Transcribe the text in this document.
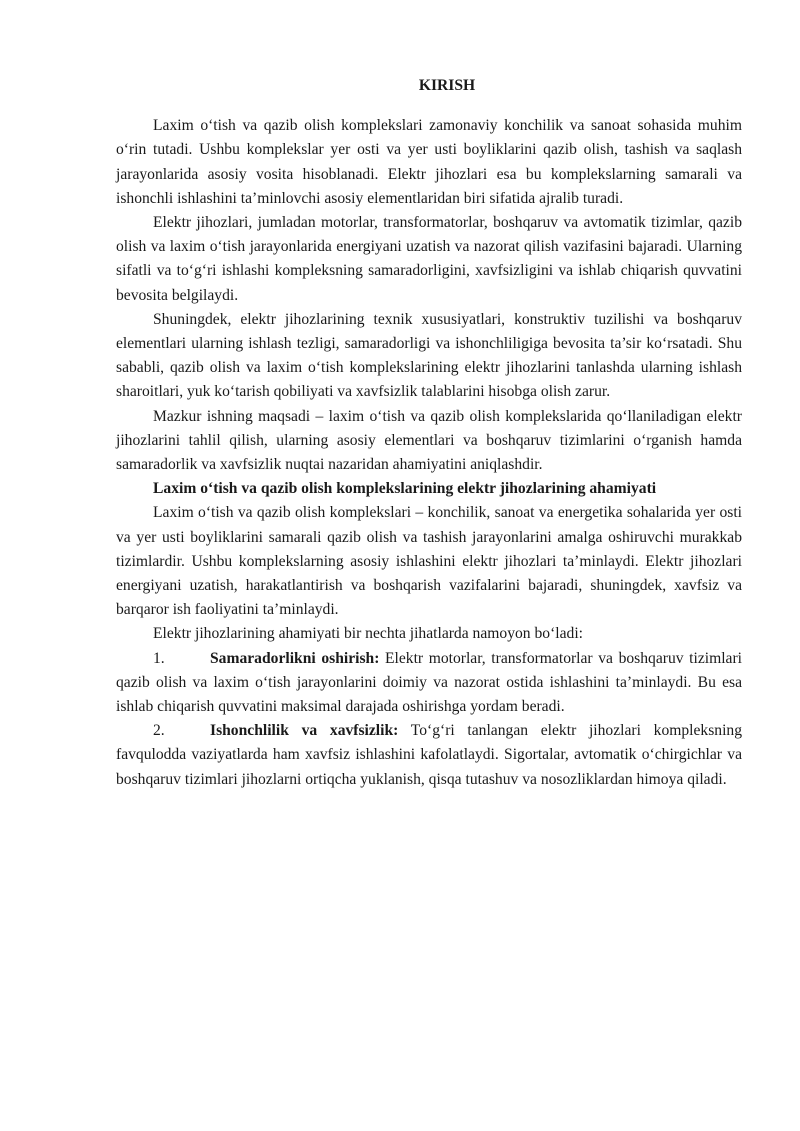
KIRISH

Laxim o‘tish va qazib olish komplekslari zamonaviy konchilik va sanoat sohasida muhim o‘rin tutadi. Ushbu komplekslar yer osti va yer usti boyliklarini qazib olish, tashish va saqlash jarayonlarida asosiy vosita hisoblanadi. Elektr jihozlari esa bu komplekslarning samarali va ishonchli ishlashini ta’minlovchi asosiy elementlaridan biri sifatida ajralib turadi.

Elektr jihozlari, jumladan motorlar, transformatorlar, boshqaruv va avtomatik tizimlar, qazib olish va laxim o‘tish jarayonlarida energiyani uzatish va nazorat qilish vazifasini bajaradi. Ularning sifatli va to‘g‘ri ishlashi kompleksning samaradorligini, xavfsizligini va ishlab chiqarish quvvatini bevosita belgilaydi.

Shuningdek, elektr jihozlarining texnik xususiyatlari, konstruktiv tuzilishi va boshqaruv elementlari ularning ishlash tezligi, samaradorligi va ishonchliligiga bevosita ta’sir ko‘rsatadi. Shu sababli, qazib olish va laxim o‘tish komplekslarining elektr jihozlarini tanlashda ularning ishlash sharoitlari, yuk ko‘tarish qobiliyati va xavfsizlik talablarini hisobga olish zarur.

Mazkur ishning maqsadi – laxim o‘tish va qazib olish komplekslarida qo‘llaniladigan elektr jihozlarini tahlil qilish, ularning asosiy elementlari va boshqaruv tizimlarini o‘rganish hamda samaradorlik va xavfsizlik nuqtai nazaridan ahamiyatini aniqlashdir.

Laxim o‘tish va qazib olish komplekslarining elektr jihozlarining ahamiyati

Laxim o‘tish va qazib olish komplekslari – konchilik, sanoat va energetika sohalarida yer osti va yer usti boyliklarini samarali qazib olish va tashish jarayonlarini amalga oshiruvchi murakkab tizimlardir. Ushbu komplekslarning asosiy ishlashini elektr jihozlari ta’minlaydi. Elektr jihozlari energiyani uzatish, harakatlantirish va boshqarish vazifalarini bajaradi, shuningdek, xavfsiz va barqaror ish faoliyatini ta’minlaydi.

Elektr jihozlarining ahamiyati bir nechta jihatlarda namoyon bo‘ladi:

1.	Samaradorlikni oshirish: Elektr motorlar, transformatorlar va boshqaruv tizimlari qazib olish va laxim o‘tish jarayonlarini doimiy va nazorat ostida ishlashini ta’minlaydi. Bu esa ishlab chiqarish quvvatini maksimal darajada oshirishga yordam beradi.

2.	Ishonchlilik va xavfsizlik: To‘g‘ri tanlangan elektr jihozlari kompleksning favqulodda vaziyatlarda ham xavfsiz ishlashini kafolatlaydi. Sigortalar, avtomatik o‘chirgichlar va boshqaruv tizimlari jihozlarni ortiqcha yuklanish, qisqa tutashuv va nosozliklardan himoya qiladi.
